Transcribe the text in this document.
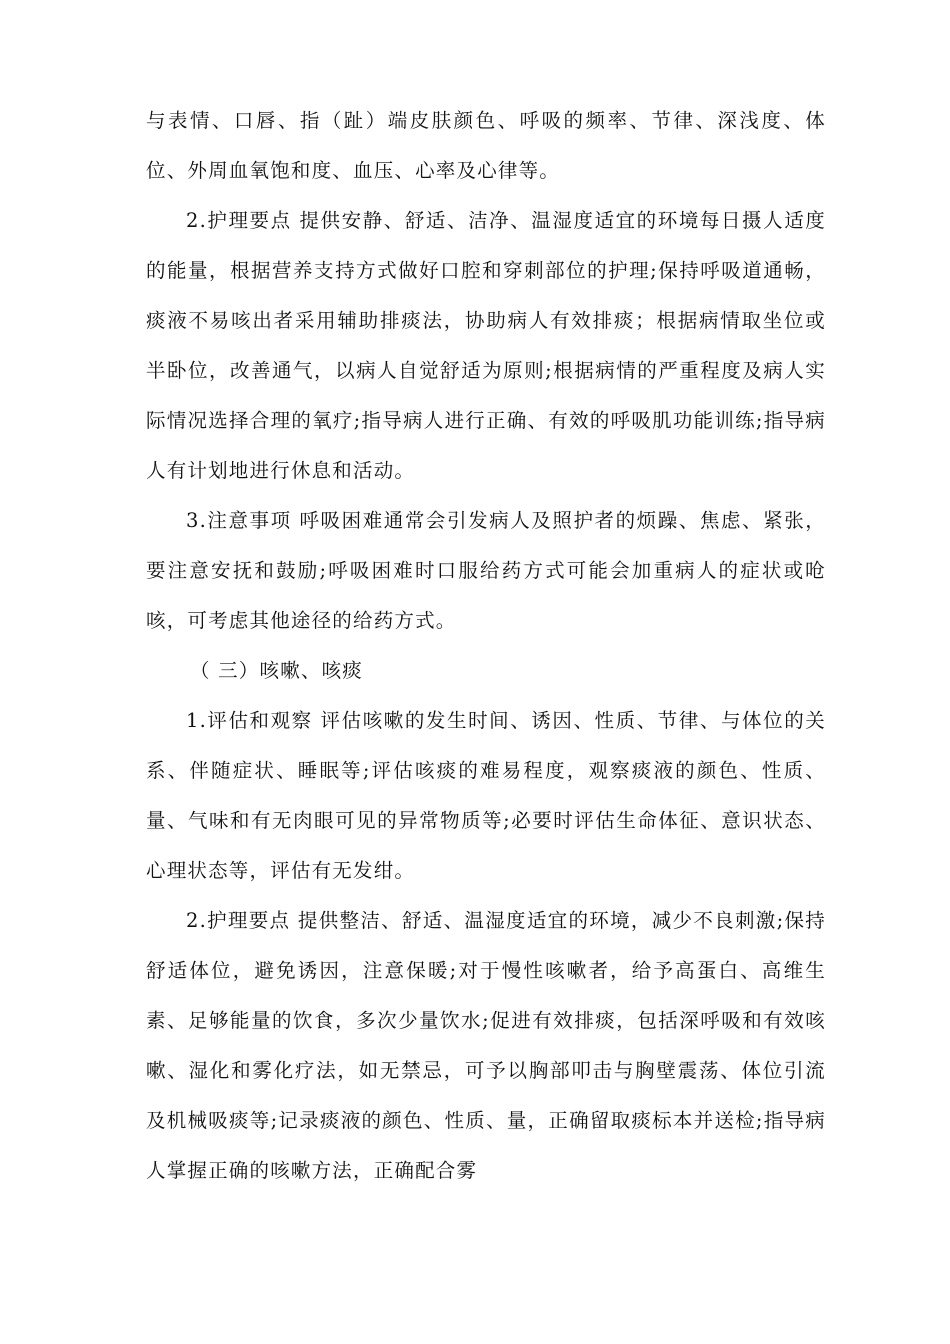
与表情、口唇、指（趾）端皮肤颜色、呼吸的频率、节律、深浅度、体位、外周血氧饱和度、血压、心率及心律等。

2.护理要点 提供安静、舒适、洁净、温湿度适宜的环境每日摄人适度的能量，根据营养支持方式做好口腔和穿刺部位的护理;保持呼吸道通畅，痰液不易咳出者采用辅助排痰法，协助病人有效排痰；根据病情取坐位或半卧位，改善通气，以病人自觉舒适为原则;根据病情的严重程度及病人实际情况选择合理的氧疗;指导病人进行正确、有效的呼吸肌功能训练;指导病人有计划地进行休息和活动。

3.注意事项 呼吸困难通常会引发病人及照护者的烦躁、焦虑、紧张，要注意安抚和鼓励;呼吸困难时口服给药方式可能会加重病人的症状或呛咳，可考虑其他途径的给药方式。

（ 三）咳嗽、咳痰

1.评估和观察 评估咳嗽的发生时间、诱因、性质、节律、与体位的关系、伴随症状、睡眠等;评估咳痰的难易程度，观察痰液的颜色、性质、量、气味和有无肉眼可见的异常物质等;必要时评估生命体征、意识状态、心理状态等，评估有无发绀。

2.护理要点 提供整洁、舒适、温湿度适宜的环境，减少不良刺激;保持舒适体位，避免诱因，注意保暖;对于慢性咳嗽者，给予高蛋白、高维生素、足够能量的饮食，多次少量饮水;促进有效排痰，包括深呼吸和有效咳嗽、湿化和雾化疗法，如无禁忌，可予以胸部叩击与胸壁震荡、体位引流及机械吸痰等;记录痰液的颜色、性质、量，正确留取痰标本并送检;指导病人掌握正确的咳嗽方法，正确配合雾
